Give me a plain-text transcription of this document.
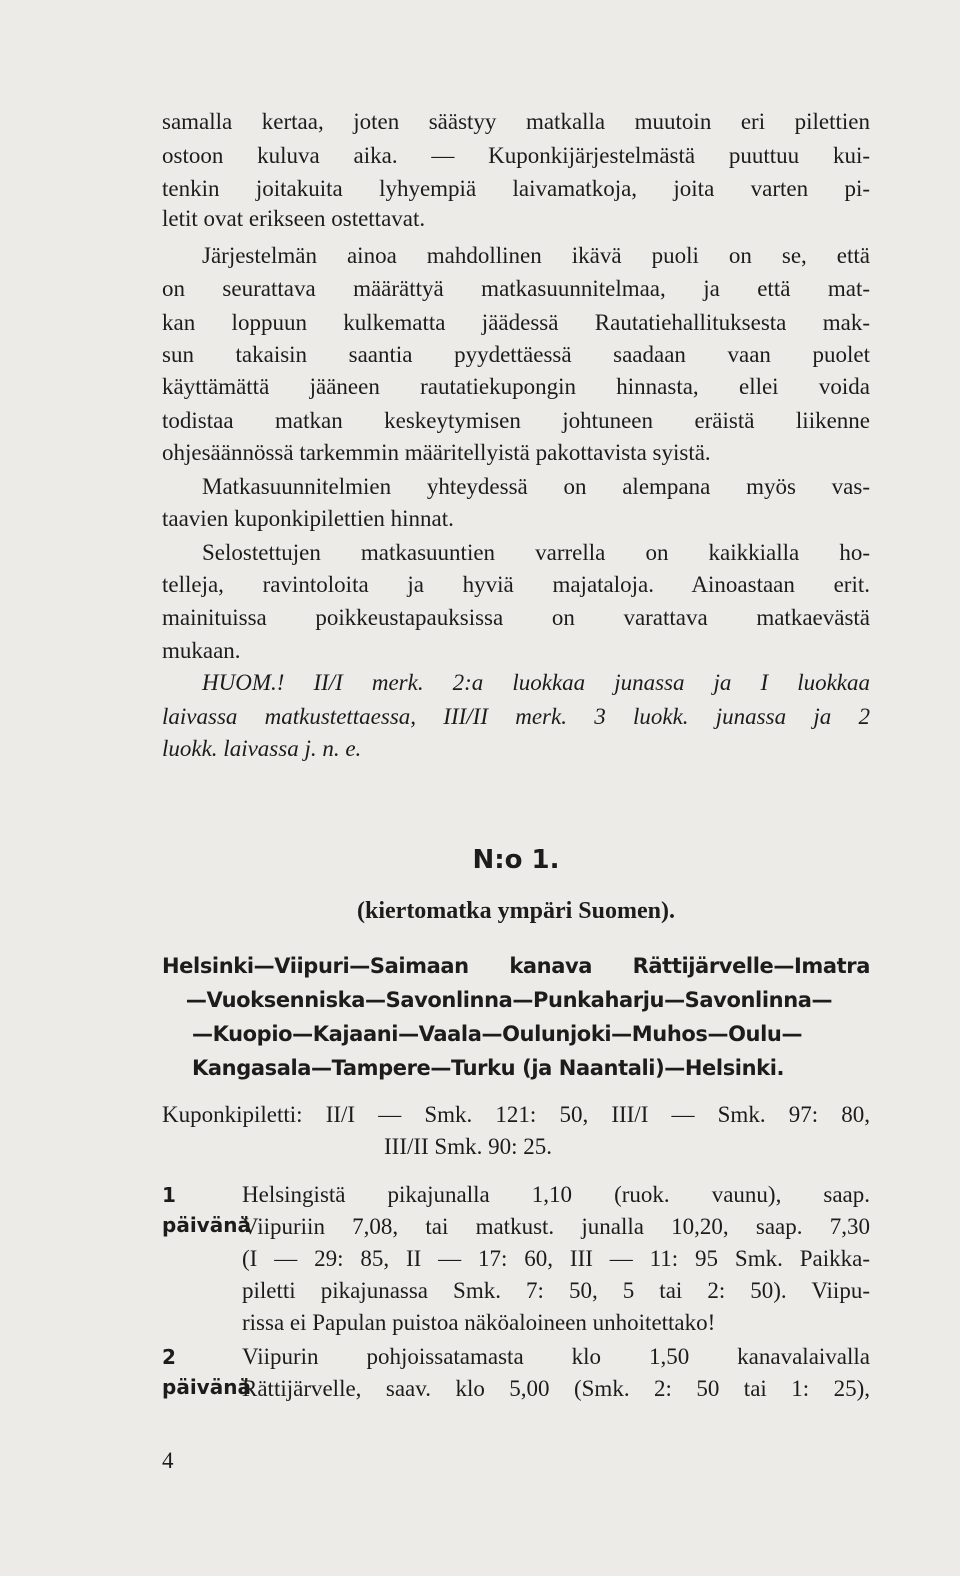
samalla kertaa, joten säästyy matkalla muutoin eri pilettien
ostoon kuluva aika. — Kuponkijärjestelmästä puuttuu kui-
tenkin joitakuita lyhyempiä laivamatkoja, joita varten pi-
letit ovat erikseen ostettavat.
Järjestelmän ainoa mahdollinen ikävä puoli on se, että
on seurattava määrättyä matkasuunnitelmaa, ja että mat-
kan loppuun kulkematta jäädessä Rautatiehallituksesta mak-
sun takaisin saantia pyydettäessä saadaan vaan puolet
käyttämättä jääneen rautatiekupongin hinnasta, ellei voida
todistaa matkan keskeytymisen johtuneen eräistä liikenne
ohjesäännössä tarkemmin määritellyistä pakottavista syistä.
Matkasuunnitelmien yhteydessä on alempana myös vas-
taavien kuponkipilettien hinnat.
Selostettujen matkasuuntien varrella on kaikkialla ho-
telleja, ravintoloita ja hyviä majataloja. Ainoastaan erit.
mainituissa poikkeustapauksissa on varattava matkaevästä
mukaan.
HUOM.! II/I merk. 2:a luokkaa junassa ja I luokkaa
laivassa matkustettaessa, III/II merk. 3 luokk. junassa ja 2
luokk. laivassa j. n. e.
N:o 1.
(kiertomatka ympäri Suomen).
Helsinki—Viipuri—Saimaan kanava Rättijärvelle—Imatra
—Vuoksenniska—Savonlinna—Punkaharju—Savonlinna—
—Kuopio—Kajaani—Vaala—Oulunjoki—Muhos—Oulu—
Kangasala—Tampere—Turku (ja Naantali)—Helsinki.
Kuponkipiletti: II/I — Smk. 121: 50, III/I — Smk. 97: 80,
III/II Smk. 90: 25.
1 päivänä
Helsingistä pikajunalla 1,10 (ruok. vaunu), saap.
Viipuriin 7,08, tai matkust. junalla 10,20, saap. 7,30
(I — 29: 85, II — 17: 60, III — 11: 95 Smk. Paikka-
piletti pikajunassa Smk. 7: 50, 5 tai 2: 50). Viipu-
rissa ei Papulan puistoa näköaloineen unhoitettako!
2 päivänä
Viipurin pohjoissatamasta klo 1,50 kanavalaivalla
Rättijärvelle, saav. klo 5,00 (Smk. 2: 50 tai 1: 25),
4
